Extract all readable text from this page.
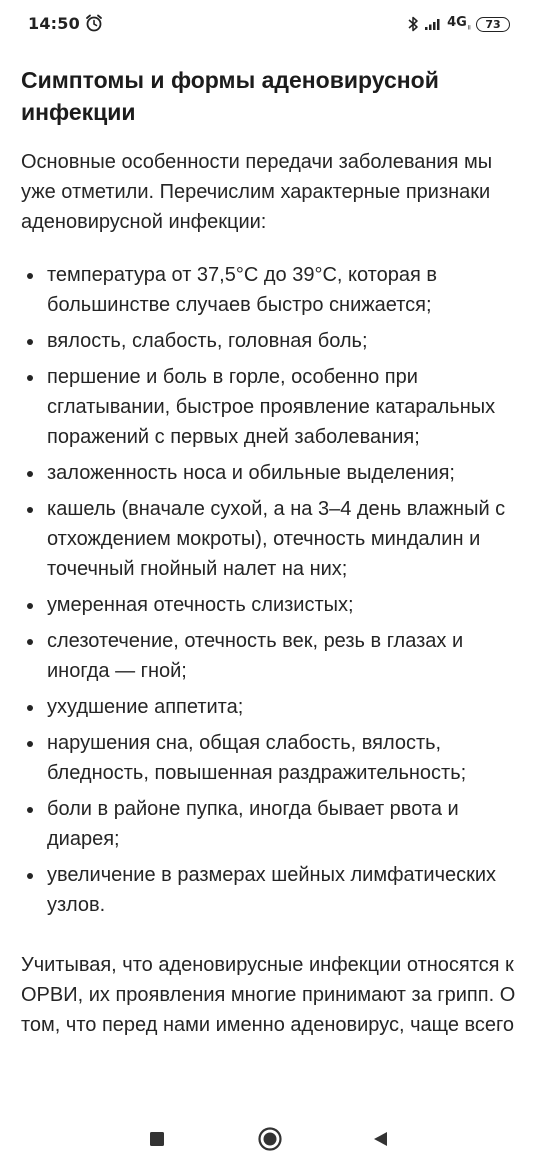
14:50	$4G_॥$ 73
Симптомы и формы аденовирусной инфекции

Основные особенности передачи заболевания мы уже отметили. Перечислим характерные признаки аденовирусной инфекции:

температура от 37,5°С до 39°С, которая в большинстве случаев быстро снижается;
вялость, слабость, головная боль;
першение и боль в горле, особенно при сглатывании, быстрое проявление катаральных поражений с первых дней заболевания;
заложенность носа и обильные выделения;
кашель (вначале сухой, а на 3–4 день влажный с отхождением мокроты), отечность миндалин и точечный гнойный налет на них;
умеренная отечность слизистых;
слезотечение, отечность век, резь в глазах и иногда — гной;
ухудшение аппетита;
нарушения сна, общая слабость, вялость, бледность, повышенная раздражительность;
боли в районе пупка, иногда бывает рвота и диарея;
увеличение в размерах шейных лимфатических узлов.

Учитывая, что аденовирусные инфекции относятся к ОРВИ, их проявления многие принимают за грипп. О том, что перед нами именно аденовирус, чаще всего
